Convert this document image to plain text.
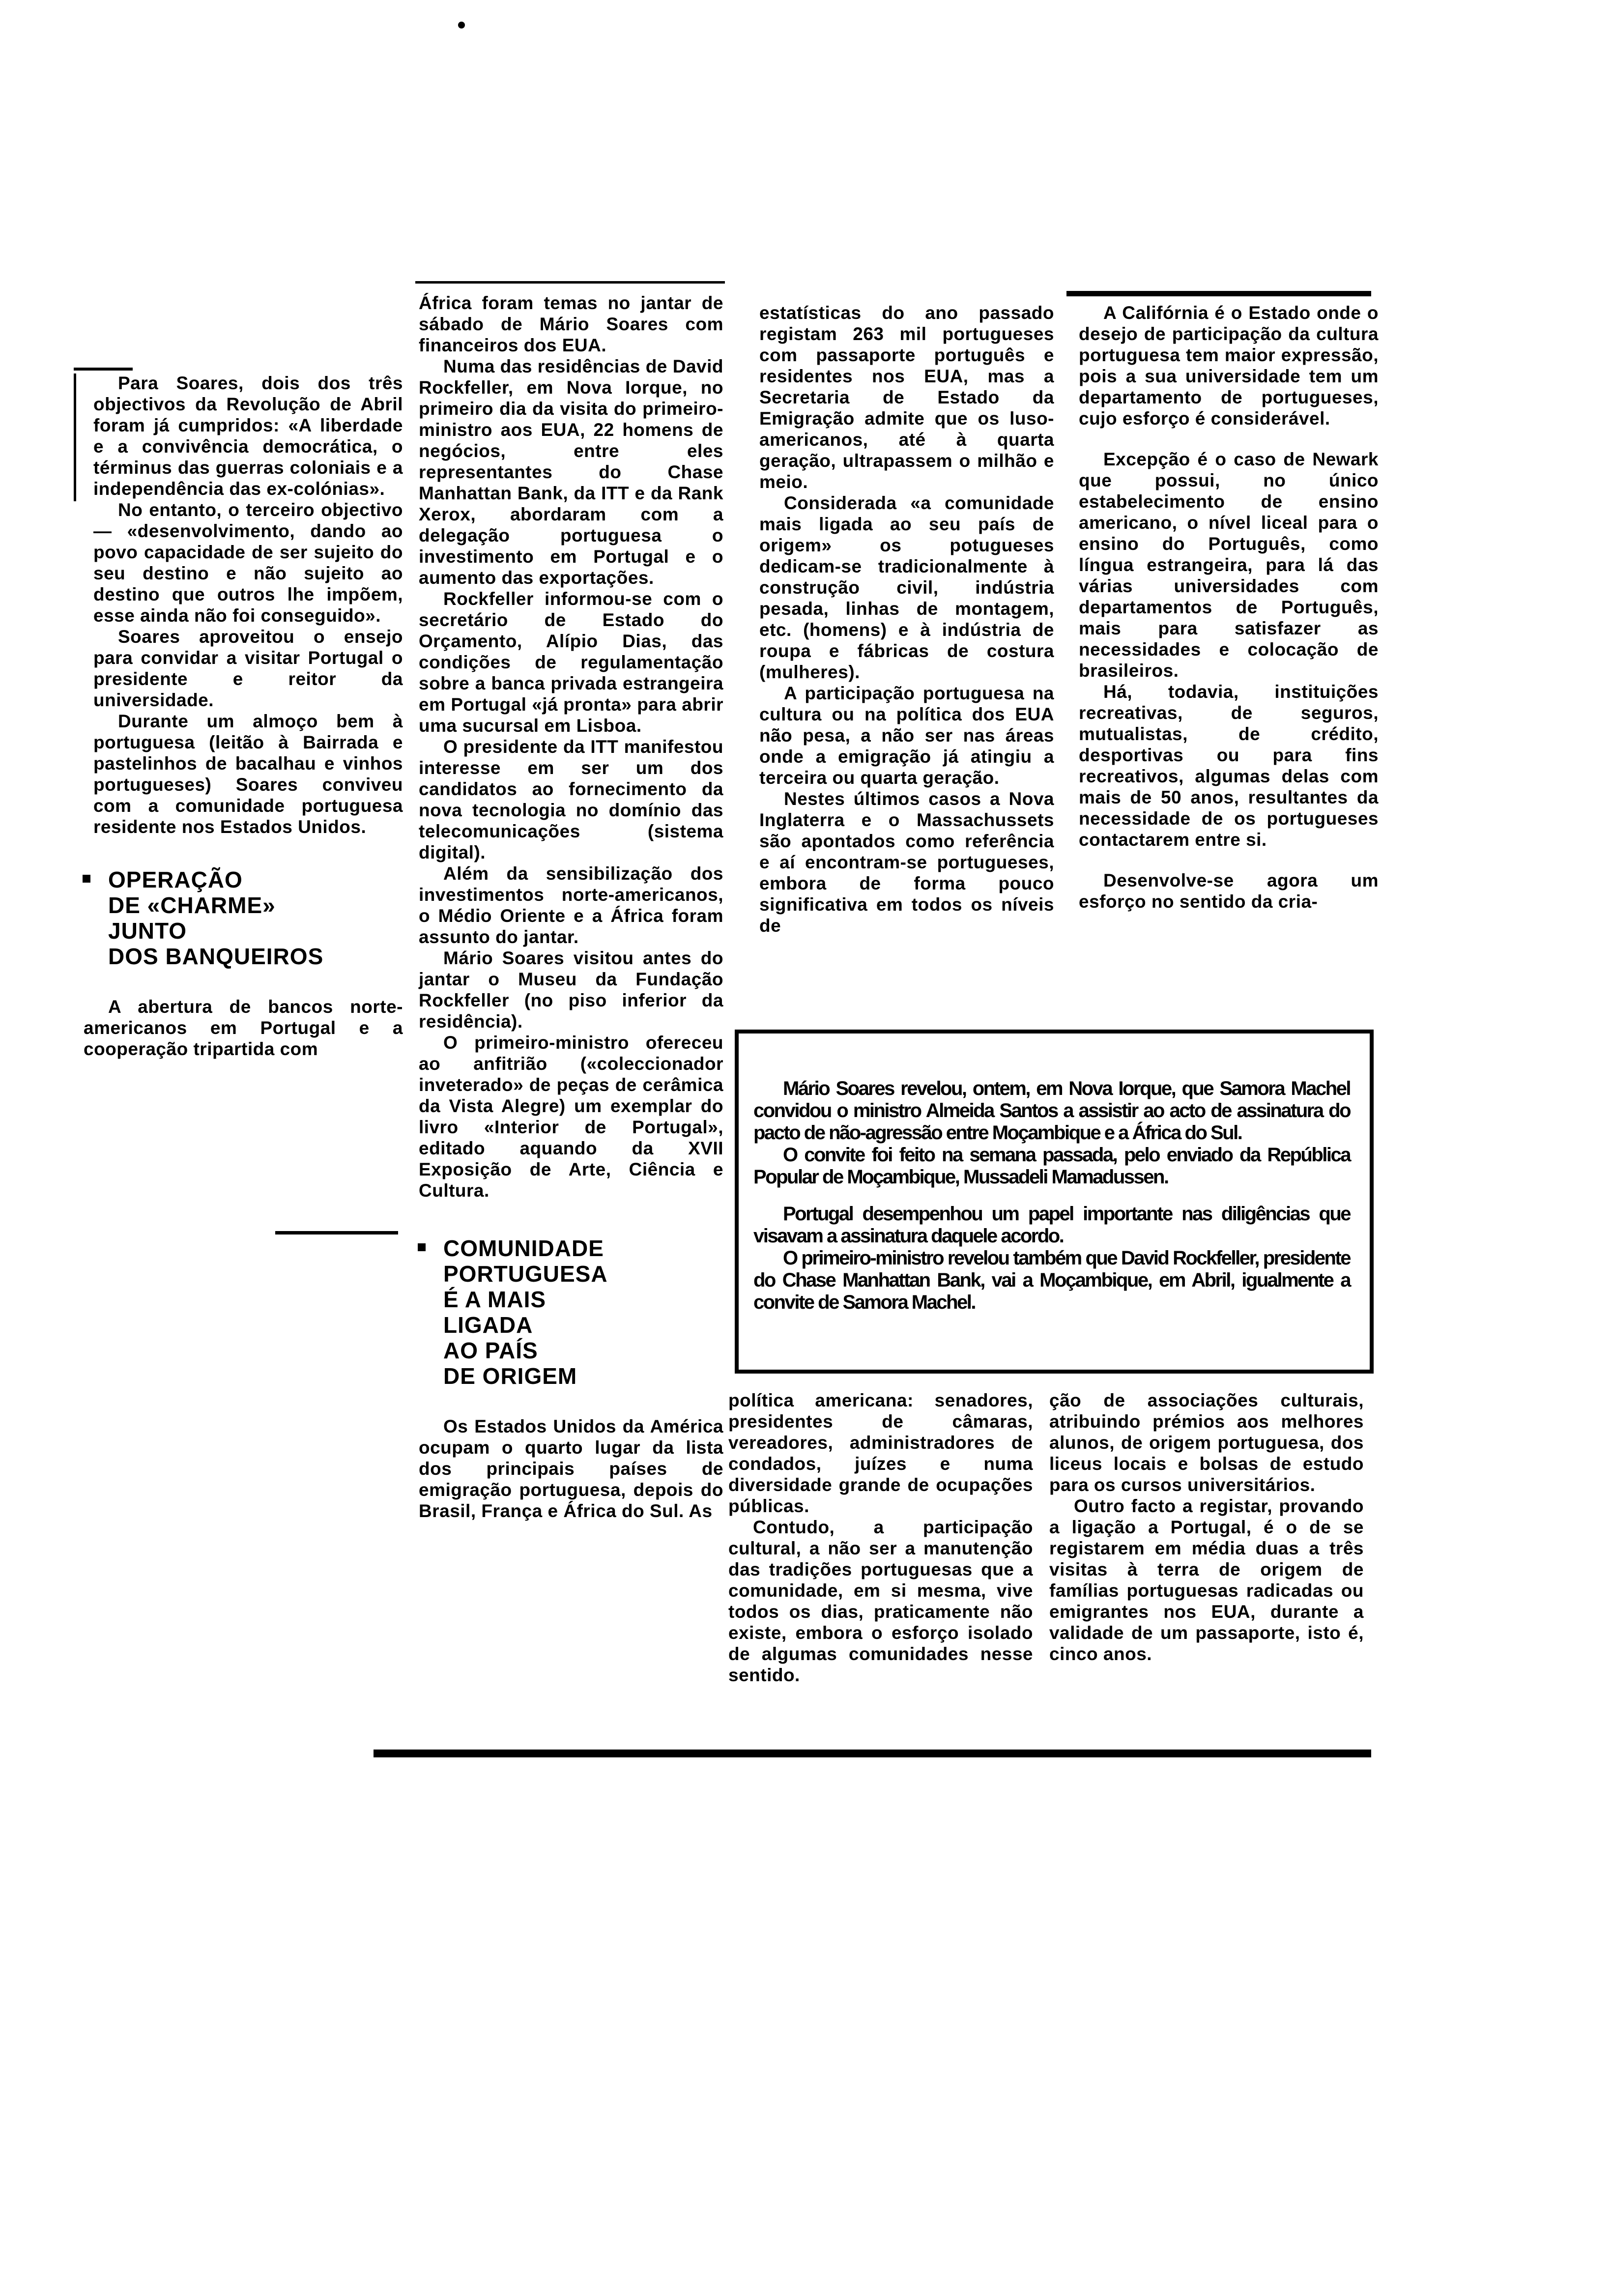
Para Soares, dois dos três objectivos da Revolução de Abril foram já cumpridos: «A liberdade e a convivência democrática, o términus das guerras coloniais e a independência das ex-colónias».

No entanto, o terceiro objectivo — «desenvolvimento, dando ao povo capacidade de ser sujeito do seu destino e não sujeito ao destino que outros lhe impõem, esse ainda não foi conseguido».

Soares aproveitou o ensejo para convidar a visitar Portugal o presidente e reitor da universidade.

Durante um almoço bem à portuguesa (leitão à Bairrada e pastelinhos de bacalhau e vinhos portugueses) Soares conviveu com a comunidade portuguesa residente nos Estados Unidos.

OPERAÇÃO
DE «CHARME»
JUNTO
DOS BANQUEIROS

A abertura de bancos norte-americanos em Portugal e a cooperação tripartida com

África foram temas no jantar de sábado de Mário Soares com financeiros dos EUA.

Numa das residências de David Rockfeller, em Nova Iorque, no primeiro dia da visita do primeiro-ministro aos EUA, 22 homens de negócios, entre eles representantes do Chase Manhattan Bank, da ITT e da Rank Xerox, abordaram com a delegação portuguesa o investimento em Portugal e o aumento das exportações.

Rockfeller informou-se com o secretário de Estado do Orçamento, Alípio Dias, das condições de regulamentação sobre a banca privada estrangeira em Portugal «já pronta» para abrir uma sucursal em Lisboa.

O presidente da ITT manifestou interesse em ser um dos candidatos ao fornecimento da nova tecnologia no domínio das telecomunicações (sistema digital).

Além da sensibilização dos investimentos norte-americanos, o Médio Oriente e a África foram assunto do jantar.

Mário Soares visitou antes do jantar o Museu da Fundação Rockfeller (no piso inferior da residência).

O primeiro-ministro ofereceu ao anfitrião («coleccionador inveterado» de peças de cerâmica da Vista Alegre) um exemplar do livro «Interior de Portugal», editado aquando da XVII Exposição de Arte, Ciência e Cultura.

COMUNIDADE
PORTUGUESA
É A MAIS
LIGADA
AO PAÍS
DE ORIGEM

Os Estados Unidos da América ocupam o quarto lugar da lista dos principais países de emigração portuguesa, depois do Brasil, França e África do Sul. As

estatísticas do ano passado registam 263 mil portugueses com passaporte português e residentes nos EUA, mas a Secretaria de Estado da Emigração admite que os luso-americanos, até à quarta geração, ultrapassem o milhão e meio.

Considerada «a comunidade mais ligada ao seu país de origem» os potugueses dedicam-se tradicionalmente à construção civil, indústria pesada, linhas de montagem, etc. (homens) e à indústria de roupa e fábricas de costura (mulheres).

A participação portuguesa na cultura ou na política dos EUA não pesa, a não ser nas áreas onde a emigração já atingiu a terceira ou quarta geração.

Nestes últimos casos a Nova Inglaterra e o Massachussets são apontados como referência e aí encontram-se portugueses, embora de forma pouco significativa em todos os níveis de

A Califórnia é o Estado onde o desejo de participação da cultura portuguesa tem maior expressão, pois a sua universidade tem um departamento de portugueses, cujo esforço é considerável.

Excepção é o caso de Newark que possui, no único estabelecimento de ensino americano, o nível liceal para o ensino do Português, como língua estrangeira, para lá das várias universidades com departamentos de Português, mais para satisfazer as necessidades e colocação de brasileiros.

Há, todavia, instituições recreativas, de seguros, mutualistas, de crédito, desportivas ou para fins recreativos, algumas delas com mais de 50 anos, resultantes da necessidade de os portugueses contactarem entre si.

Desenvolve-se agora um esforço no sentido da cria-

Mário Soares revelou, ontem, em Nova Iorque, que Samora Machel convidou o ministro Almeida Santos a assistir ao acto de assinatura do pacto de não-agressão entre Moçambique e a África do Sul.

O convite foi feito na semana passada, pelo enviado da República Popular de Moçambique, Mussadeli Mamadussen.

Portugal desempenhou um papel importante nas diligências que visavam a assinatura daquele acordo.

O primeiro-ministro revelou também que David Rockfeller, presidente do Chase Manhattan Bank, vai a Moçambique, em Abril, igualmente a convite de Samora Machel.

política americana: senadores, presidentes de câmaras, vereadores, administradores de condados, juízes e numa diversidade grande de ocupações públicas.

Contudo, a participação cultural, a não ser a manutenção das tradições portuguesas que a comunidade, em si mesma, vive todos os dias, praticamente não existe, embora o esforço isolado de algumas comunidades nesse sentido.

ção de associações culturais, atribuindo prémios aos melhores alunos, de origem portuguesa, dos liceus locais e bolsas de estudo para os cursos universitários.

Outro facto a registar, provando a ligação a Portugal, é o de se registarem em média duas a três visitas à terra de origem de famílias portuguesas radicadas ou emigrantes nos EUA, durante a validade de um passaporte, isto é, cinco anos.
